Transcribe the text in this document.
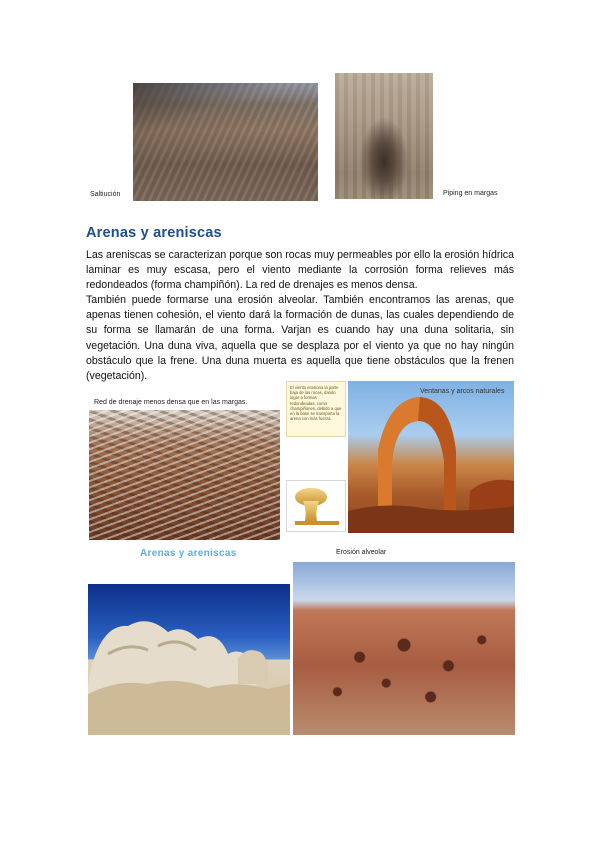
Saltiución	Piping en margas
Arenas y areniscas

Las areniscas se caracterizan porque son rocas muy permeables por ello la erosión hídrica laminar es muy escasa, pero el viento mediante la corrosión forma relieves más redondeados (forma champiñón). La red de drenajes es menos densa.

También puede formarse una erosión alveolar. También encontramos las arenas, que apenas tienen cohesión, el viento dará la formación de dunas, las cuales dependiendo de su forma se llamarán de una forma. Varjan es cuando hay una duna solitaria, sin vegetación. Una duna viva, aquella que se desplaza por el viento ya que no hay ningún obstáculo que la frene. Una duna muerta es aquella que tiene obstáculos que la frenen (vegetación).

Red de drenaje menos densa que en las margas.
El viento erosiona la parte baja de las rocas, dando lugar a formas redondeadas, como champiñones, debido a que en la base se transporta la arena con más fuerza.
Ventanas y arcos naturales
Arenas y areniscas	Erosión alveolar
